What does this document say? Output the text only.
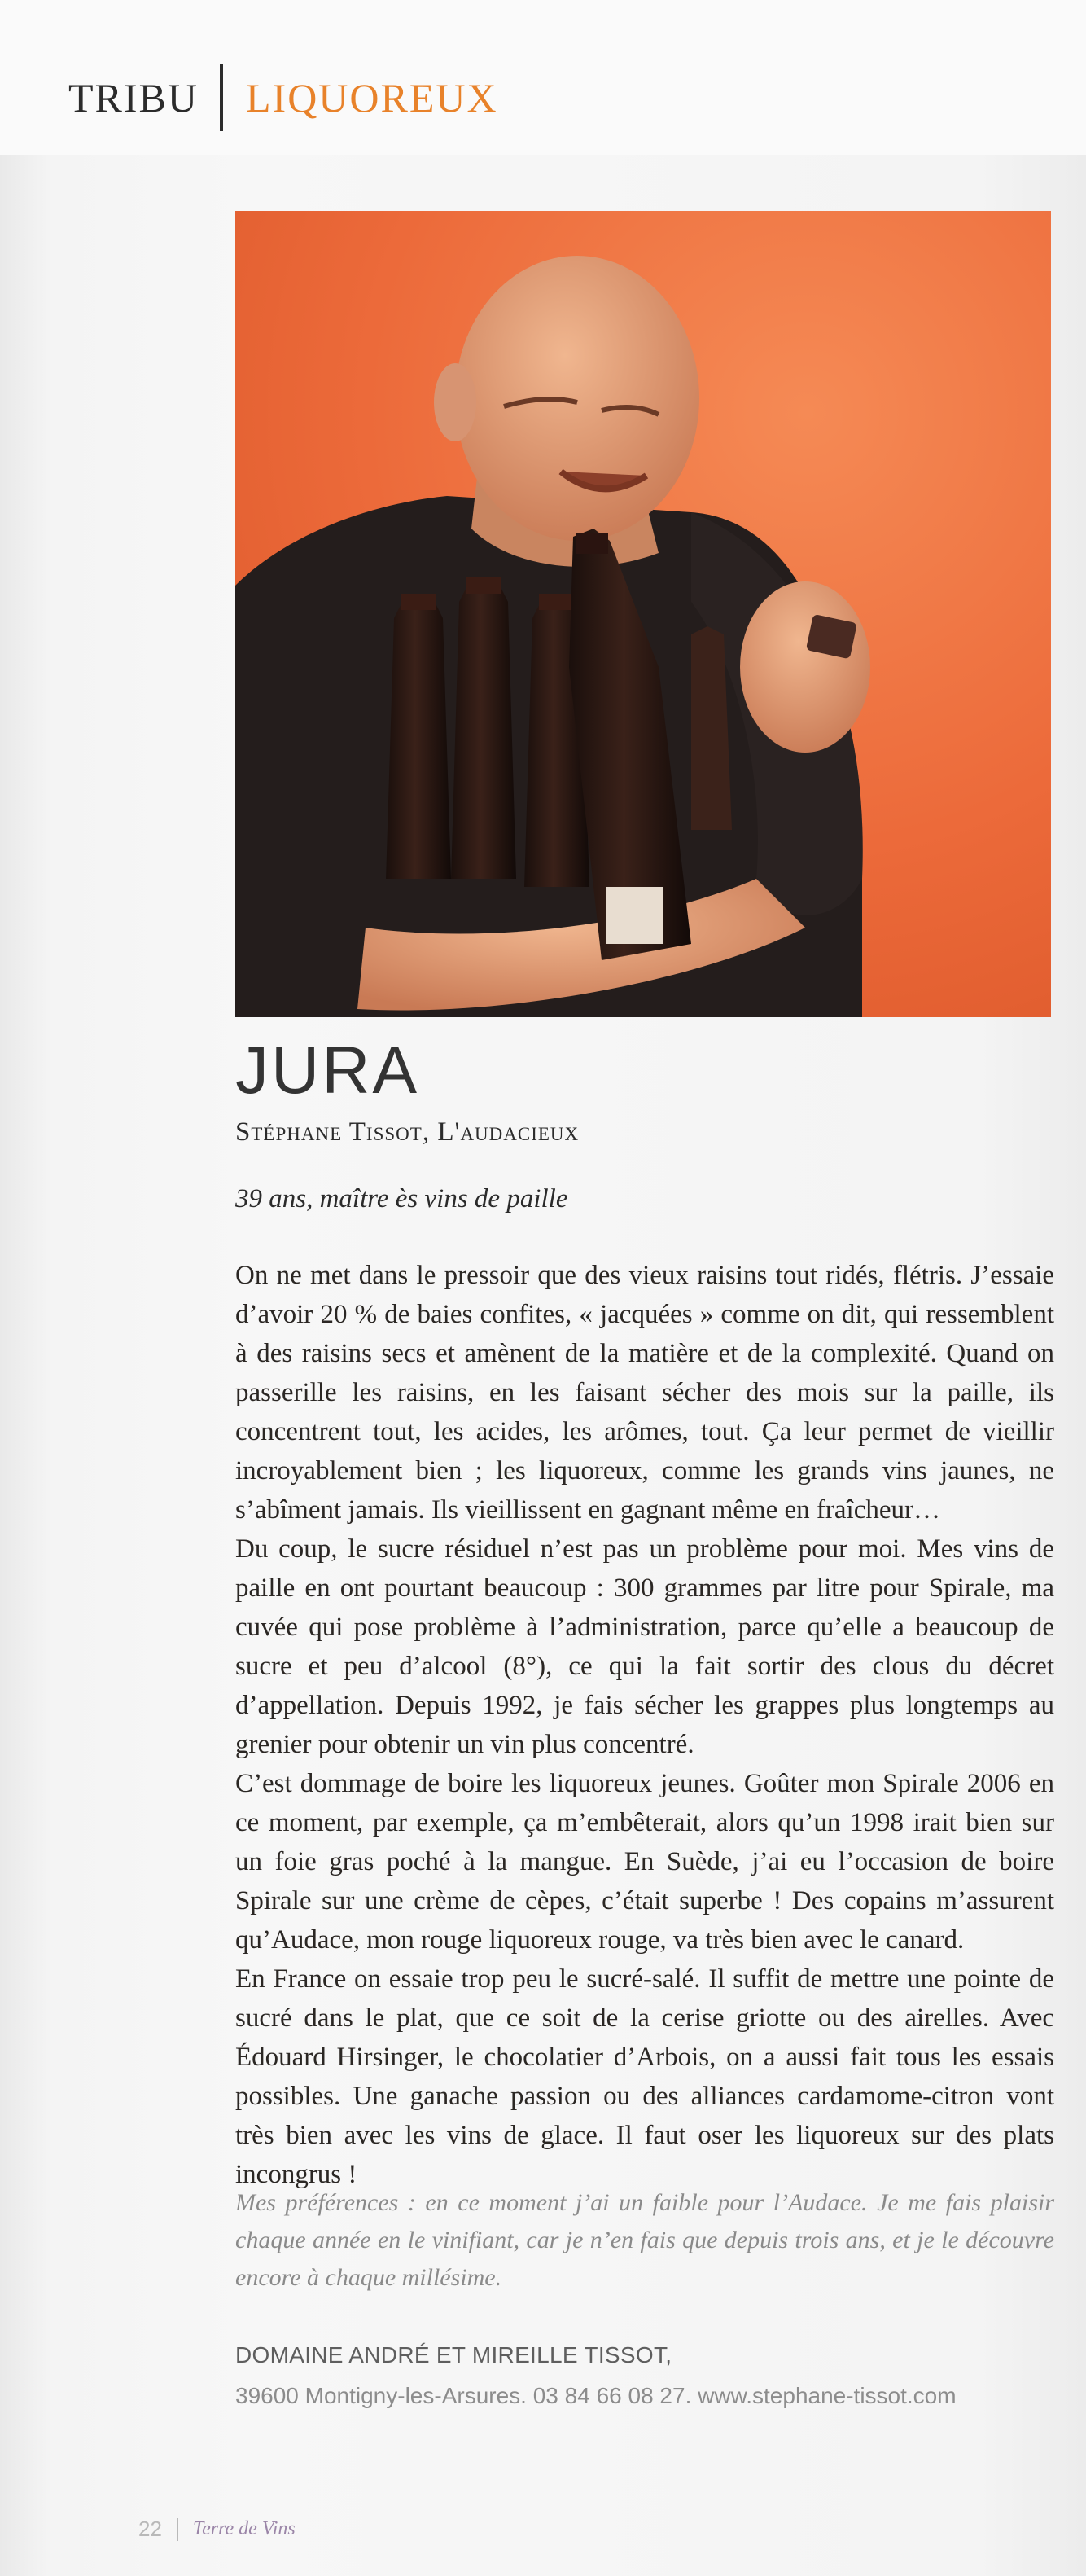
TRIBU LIQUOREUX
JURA
Stéphane Tissot, L'audacieux
39 ans, maître ès vins de paille

On ne met dans le pressoir que des vieux raisins tout ridés, flétris. J’essaie d’avoir 20 % de baies confites, « jacquées » comme on dit, qui ressemblent à des raisins secs et amènent de la matière et de la complexité. Quand on passerille les raisins, en les faisant sécher des mois sur la paille, ils concentrent tout, les acides, les arômes, tout. Ça leur permet de vieillir incroyablement bien ; les liquoreux, comme les grands vins jaunes, ne s’abîment jamais. Ils vieillissent en gagnant même en fraîcheur…

Du coup, le sucre résiduel n’est pas un problème pour moi. Mes vins de paille en ont pourtant beaucoup : 300 grammes par litre pour Spirale, ma cuvée qui pose problème à l’administration, parce qu’elle a beaucoup de sucre et peu d’alcool (8°), ce qui la fait sortir des clous du décret d’appellation. Depuis 1992, je fais sécher les grappes plus longtemps au grenier pour obtenir un vin plus concentré.

C’est dommage de boire les liquoreux jeunes. Goûter mon Spirale 2006 en ce moment, par exemple, ça m’embêterait, alors qu’un 1998 irait bien sur un foie gras poché à la mangue. En Suède, j’ai eu l’occasion de boire Spirale sur une crème de cèpes, c’était superbe ! Des copains m’assurent qu’Audace, mon rouge liquoreux rouge, va très bien avec le canard.

En France on essaie trop peu le sucré-salé. Il suffit de mettre une pointe de sucré dans le plat, que ce soit de la cerise griotte ou des airelles. Avec Édouard Hirsinger, le chocolatier d’Arbois, on a aussi fait tous les essais possibles. Une ganache passion ou des alliances cardamome-citron vont très bien avec les vins de glace. Il faut oser les liquoreux sur des plats incongrus !

Mes préférences : en ce moment j’ai un faible pour l’Audace. Je me fais plaisir chaque année en le vinifiant, car je n’en fais que depuis trois ans, et je le découvre encore à chaque millésime.
DOMAINE ANDRÉ ET MIREILLE TISSOT,
39600 Montigny-les-Arsures. 03 84 66 08 27. www.stephane-tissot.com
22 Terre de Vins
